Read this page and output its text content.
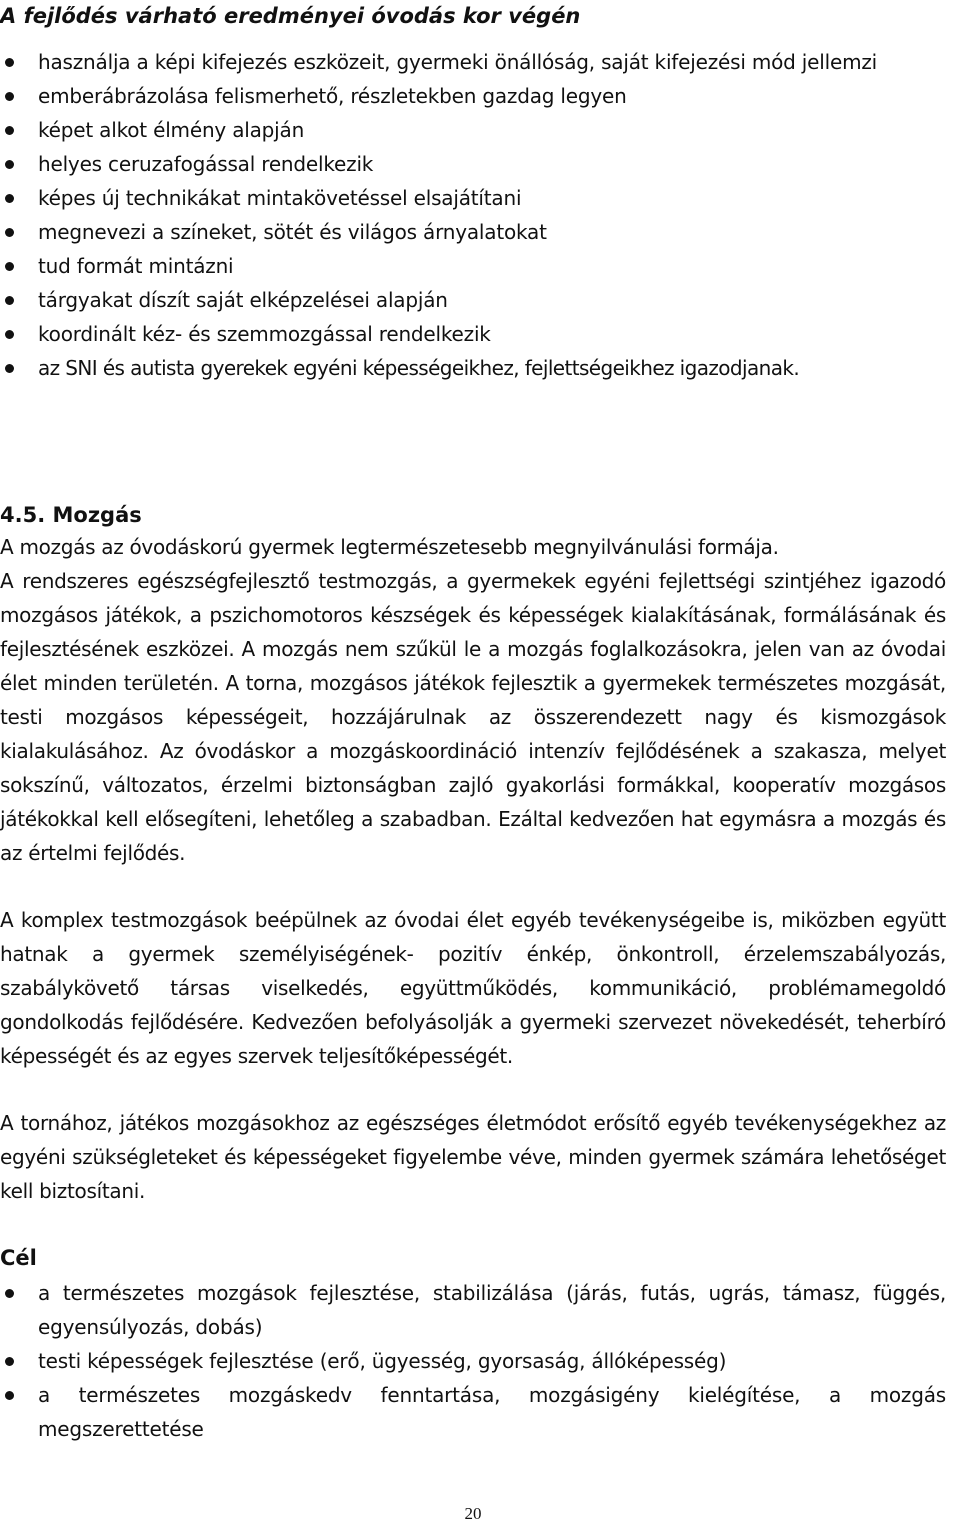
A fejlődés várható eredményei óvodás kor végén
használja a képi kifejezés eszközeit, gyermeki önállóság, saját kifejezési mód jellemzi
emberábrázolása felismerhető, részletekben gazdag legyen
képet alkot élmény alapján
helyes ceruzafogással rendelkezik
képes új technikákat mintakövetéssel elsajátítani
megnevezi a színeket, sötét és világos árnyalatokat
tud formát mintázni
tárgyakat díszít saját elképzelései alapján
koordinált kéz- és szemmozgással rendelkezik
az SNI és autista gyerekek egyéni képességeikhez, fejlettségeikhez igazodjanak.
4.5. Mozgás

A mozgás az óvodáskorú gyermek legtermészetesebb megnyilvánulási formája.

A rendszeres egészségfejlesztő testmozgás, a gyermekek egyéni fejlettségi szintjéhez igazodó mozgásos játékok, a pszichomotoros készségek és képességek kialakításának, formálásának és fejlesztésének eszközei. A mozgás nem szűkül le a mozgás foglalkozásokra, jelen van az óvodai élet minden területén. A torna, mozgásos játékok fejlesztik a gyermekek természetes mozgását, testi mozgásos képességeit, hozzájárulnak az összerendezett nagy és kismozgások kialakulásához. Az óvodáskor a mozgáskoordináció intenzív fejlődésének a szakasza, melyet sokszínű, változatos, érzelmi biztonságban zajló gyakorlási formákkal, kooperatív mozgásos játékokkal kell elősegíteni, lehetőleg a szabadban. Ezáltal kedvezően hat egymásra a mozgás és az értelmi fejlődés.

A komplex testmozgások beépülnek az óvodai élet egyéb tevékenységeibe is, miközben együtt hatnak a gyermek személyiségének- pozitív énkép, önkontroll, érzelemszabályozás, szabálykövető társas viselkedés, együttműködés, kommunikáció, problémamegoldó gondolkodás fejlődésére. Kedvezően befolyásolják a gyermeki szervezet növekedését, teherbíró képességét és az egyes szervek teljesítőképességét.

A tornához, játékos mozgásokhoz az egészséges életmódot erősítő egyéb tevékenységekhez az egyéni szükségleteket és képességeket figyelembe véve, minden gyermek számára lehetőséget kell biztosítani.

Cél
a természetes mozgások fejlesztése, stabilizálása (járás, futás, ugrás, támasz, függés, egyensúlyozás, dobás)
testi képességek fejlesztése (erő, ügyesség, gyorsaság, állóképesség)
a természetes mozgáskedv fenntartása, mozgásigény kielégítése, a mozgás megszerettetése
20
